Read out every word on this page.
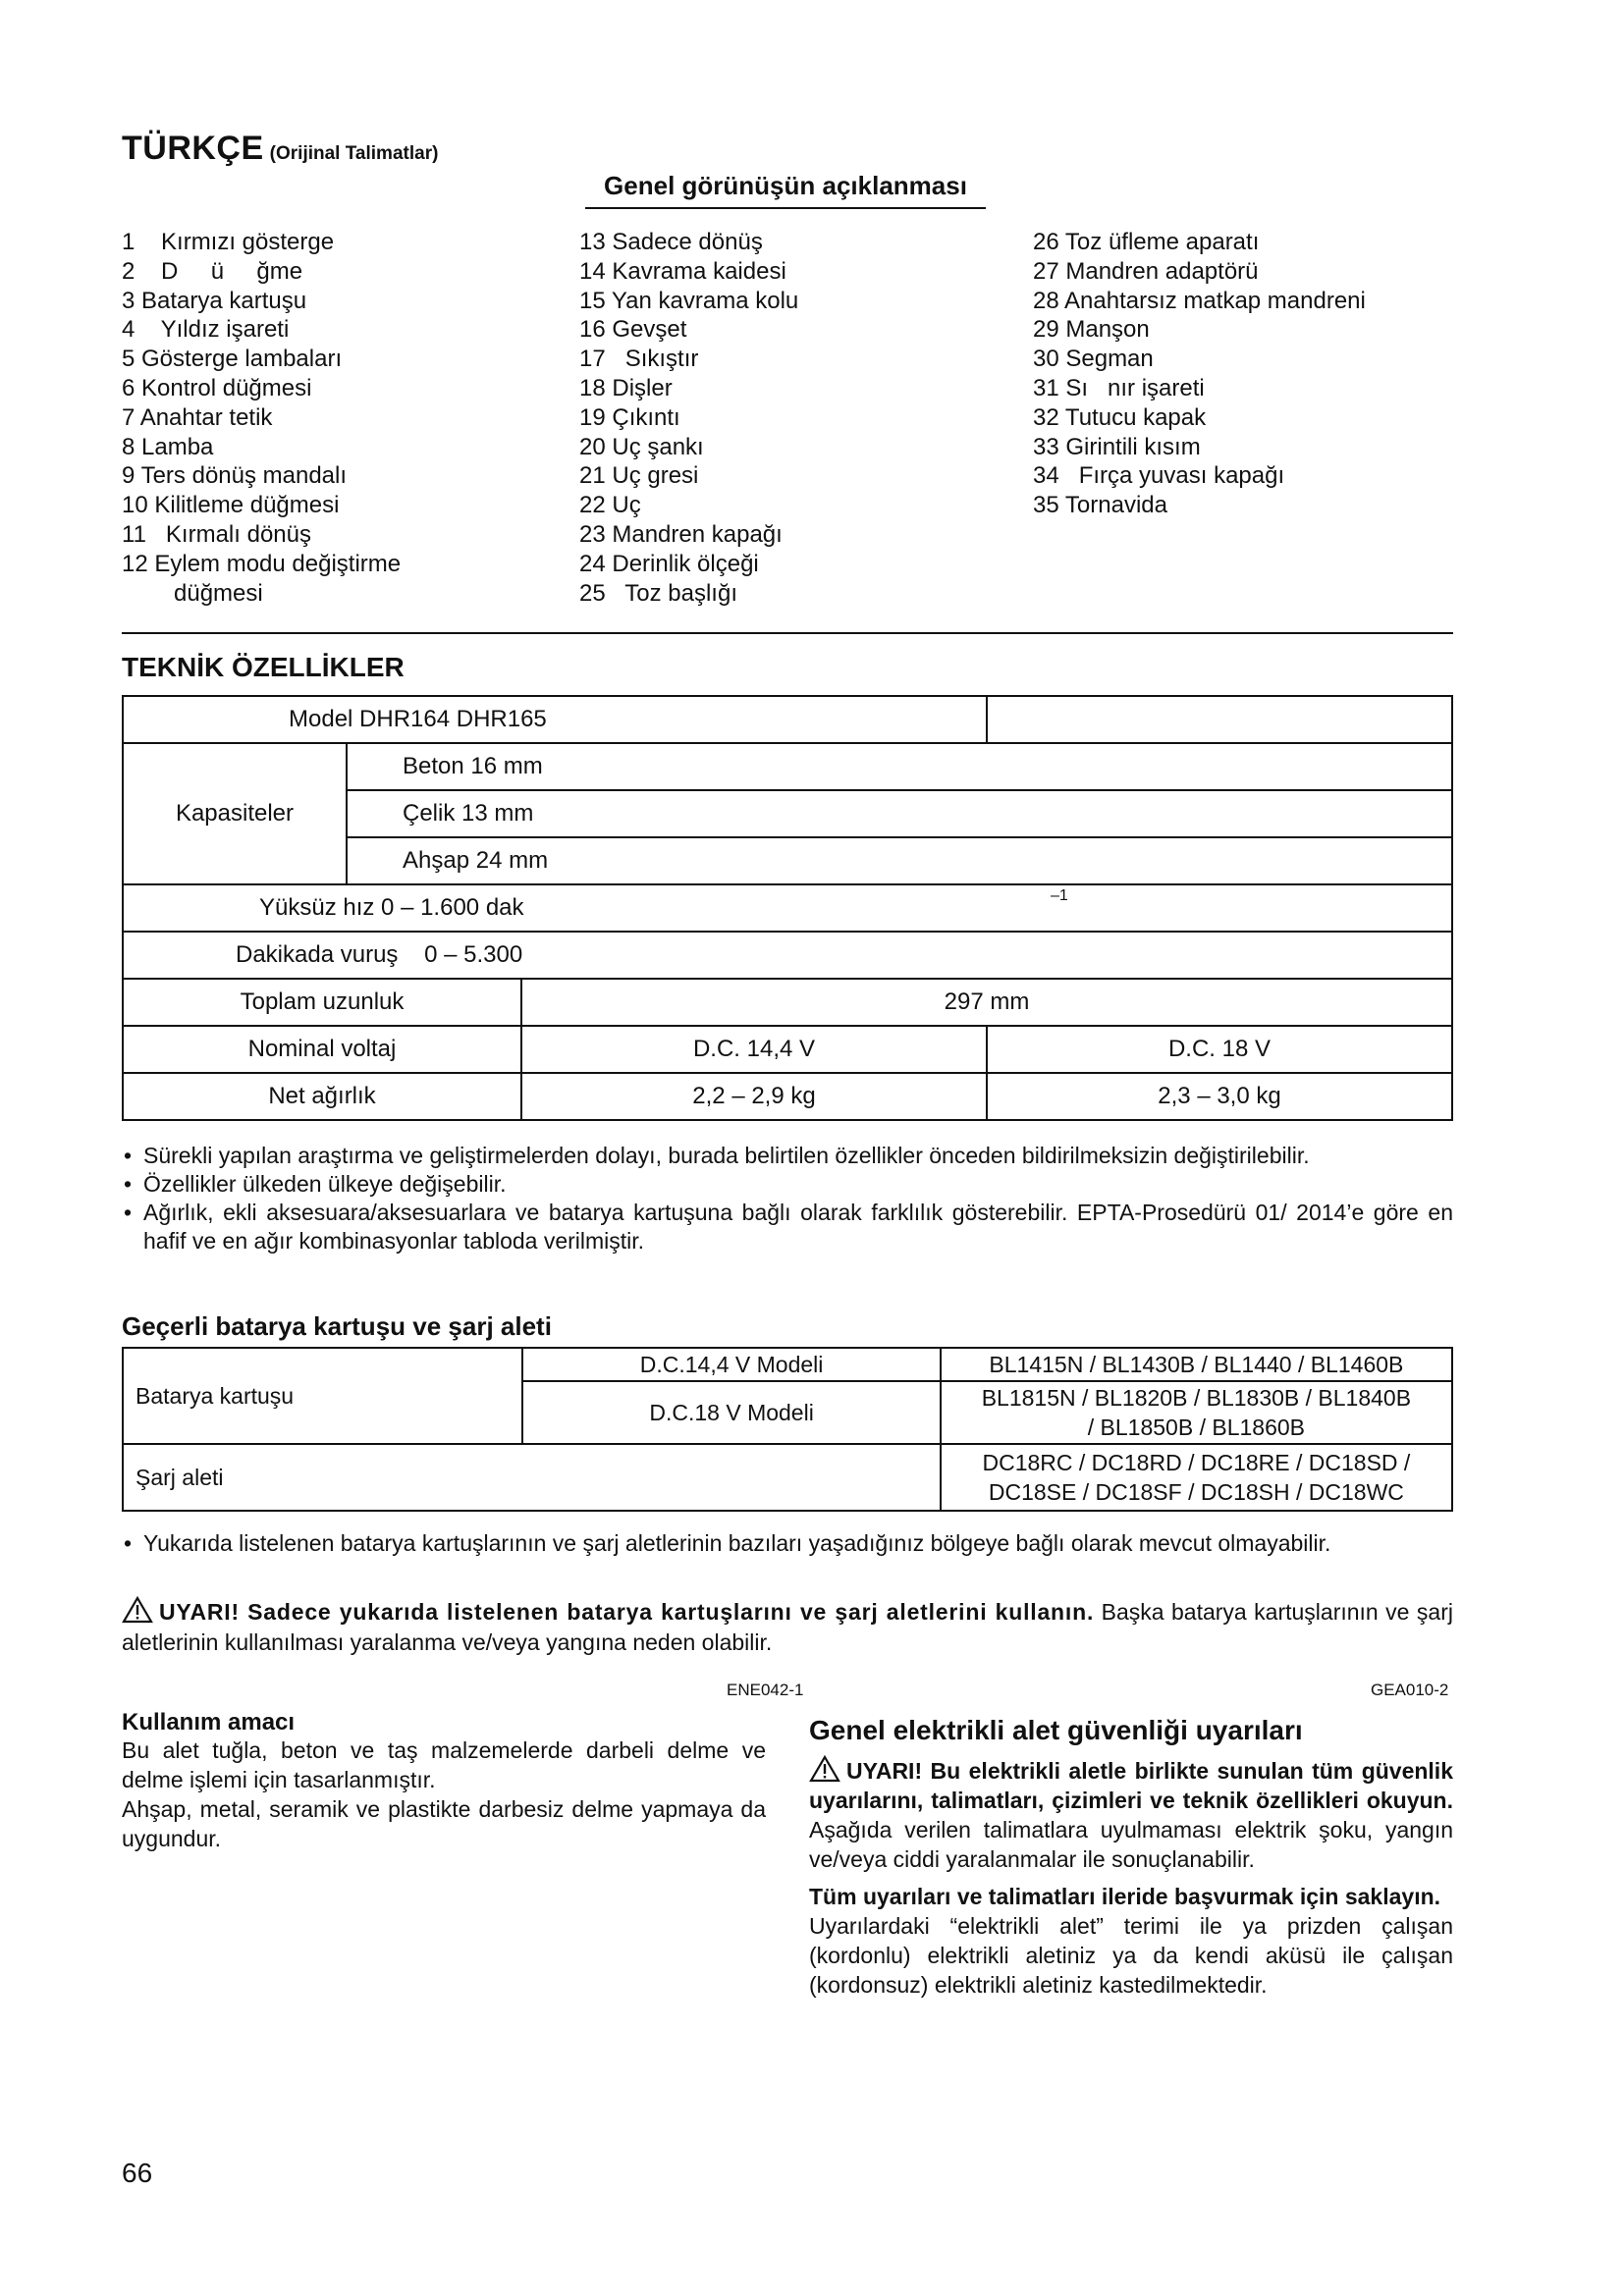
TÜRKÇE (Orijinal Talimatlar)
Genel görünüşün açıklanması
1    Kırmızı gösterge
2    D     ü     ğme
3 Batarya kartuşu
4    Yıldız işareti
5 Gösterge lambaları
6 Kontrol düğmesi
7 Anahtar tetik
8 Lamba
9 Ters dönüş mandalı
10 Kilitleme düğmesi
11   Kırmalı dönüş
12 Eylem modu değiştirme
düğmesi
13 Sadece dönüş
14 Kavrama kaidesi
15 Yan kavrama kolu
16 Gevşet
17   Sıkıştır
18 Dişler
19 Çıkıntı
20 Uç şankı
21 Uç gresi
22 Uç
23 Mandren kapağı
24 Derinlik ölçeği
25   Toz başlığı
26 Toz üfleme aparatı
27 Mandren adaptörü
28 Anahtarsız matkap mandreni
29 Manşon
30 Segman
31 Sı   nır işareti
32 Tutucu kapak
33 Girintili kısım
34   Fırça yuvası kapağı
35 Tornavida
TEKNİK ÖZELLİKLER
Model DHR164 DHR165			
Kapasiteler	Beton 16 mm		
	Çelik 13 mm		
	Ahşap 24 mm		
Yüksüz hız 0 – 1.600 dak –1			

Dakikada vuruş    0 – 5.300			
Toplam uzunluk		297 mm	
Nominal voltaj		D.C. 14,4 V	D.C. 18 V
Net ağırlık		2,2 – 2,9 kg	2,3 – 3,0 kg
• Sürekli yapılan araştırma ve geliştirmelerden dolayı, burada belirtilen özellikler önceden bildirilmeksizin değiştirilebilir.
• Özellikler ülkeden ülkeye değişebilir.
• Ağırlık, ekli aksesuara/aksesuarlara ve batarya kartuşuna bağlı olarak farklılık gösterebilir. EPTA-Prosedürü 01/ 2014’e göre en hafif ve en ağır kombinasyonlar tabloda verilmiştir.
Geçerli batarya kartuşu ve şarj aleti
Batarya kartuşu	D.C.14,4 V Modeli	BL1415N / BL1430B / BL1440 / BL1460B
	D.C.18 V Modeli	BL1815N / BL1820B / BL1830B / BL1840B
/ BL1850B / BL1860B

Şarj aleti		DC18RC / DC18RD / DC18RE / DC18SD /
DC18SE / DC18SF / DC18SH / DC18WC
• Yukarıda listelenen batarya kartuşlarının ve şarj aletlerinin bazıları yaşadığınız bölgeye bağlı olarak mevcut olmayabilir.
UYARI! Sadece yukarıda listelenen batarya kartuşlarını ve şarj aletlerini kullanın. Başka batarya kartuşlarının ve şarj aletlerinin kullanılması yaralanma ve/veya yangına neden olabilir.
ENE042-1	GEA010-2
Kullanım amacı
Bu alet tuğla, beton ve taş malzemelerde darbeli delme ve delme işlemi için tasarlanmıştır.
Ahşap, metal, seramik ve plastikte darbesiz delme yapmaya da uygundur.
Genel elektrikli alet güvenliği uyarıları

UYARI! Bu elektrikli aletle birlikte sunulan tüm güvenlik uyarılarını, talimatları, çizimleri ve teknik özellikleri okuyun. Aşağıda verilen talimatlara uyulmaması elektrik şoku, yangın ve/veya ciddi yaralanmalar ile sonuçlanabilir.

Tüm uyarıları ve talimatları ileride başvurmak için saklayın.

Uyarılardaki “elektrikli alet” terimi ile ya prizden çalışan (kordonlu) elektrikli aletiniz ya da kendi aküsü ile çalışan (kordonsuz) elektrikli aletiniz kastedilmektedir.

66
